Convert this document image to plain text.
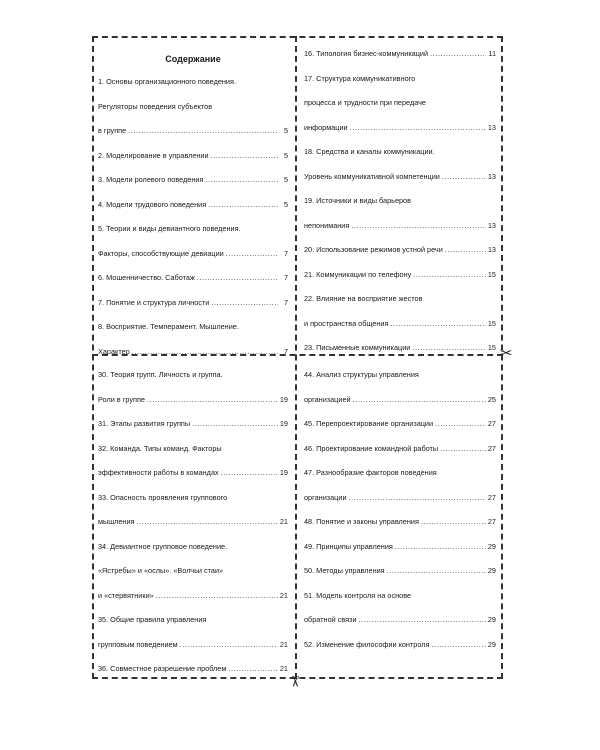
✂
✂
Содержание
1. Основы организационного поведения.
Регуляторы поведения субъектов
в группе .....	5
2. Моделирование в управлении .....	5
3. Модели ролевого поведения .....	5
4. Модели трудового поведения .....	5
5. Теории и виды девиантного поведения.
Факторы, способствующие девиации .....	7
6. Мошенничество. Саботаж .....	7
7. Понятие и структура личности .....	7
8. Восприятие. Темперамент. Мышление.
Характер .....	7
16. Типология бизнес-коммуникаций .....	11
17. Структура коммуникативного
процесса и трудности при передаче
информации .....	13
18. Средства и каналы коммуникации.
Уровень коммуникативной компетенции .....	13
19. Источники и виды барьеров
непонимания .....	13
20. Использование режимов устной речи .....	13
21. Коммуникации по телефону .....	15
22. Влияние на восприятие жестов
и пространства общения .....	15
23. Письменные коммуникации .....	15
30. Теория групп. Личность и группа.
Роли в группе .....	19
31. Этапы развития группы .....	19
32. Команда. Типы команд. Факторы
эффективности работы в командах .....	19
33. Опасность проявления группового
мышления .....	21
34. Девиантное групповое поведение.
«Ястребы» и «ослы». «Волчьи стаи»
и «стервятники» .....	21
35. Общие правила управления
групповым поведением .....	21
36. Совместное разрешение проблем .....	21
44. Анализ структуры управления
организацией .....	25
45. Перепроектирование организации .....	27
46. Проектирование командной работы .....	27
47. Разнообразие факторов поведения
организации .....	27
48. Понятие и законы управления .....	27
49. Принципы управления .....	29
50. Методы управления .....	29
51. Модель контроля на основе
обратной связи .....	29
52. Изменение философии контроля .....	29
